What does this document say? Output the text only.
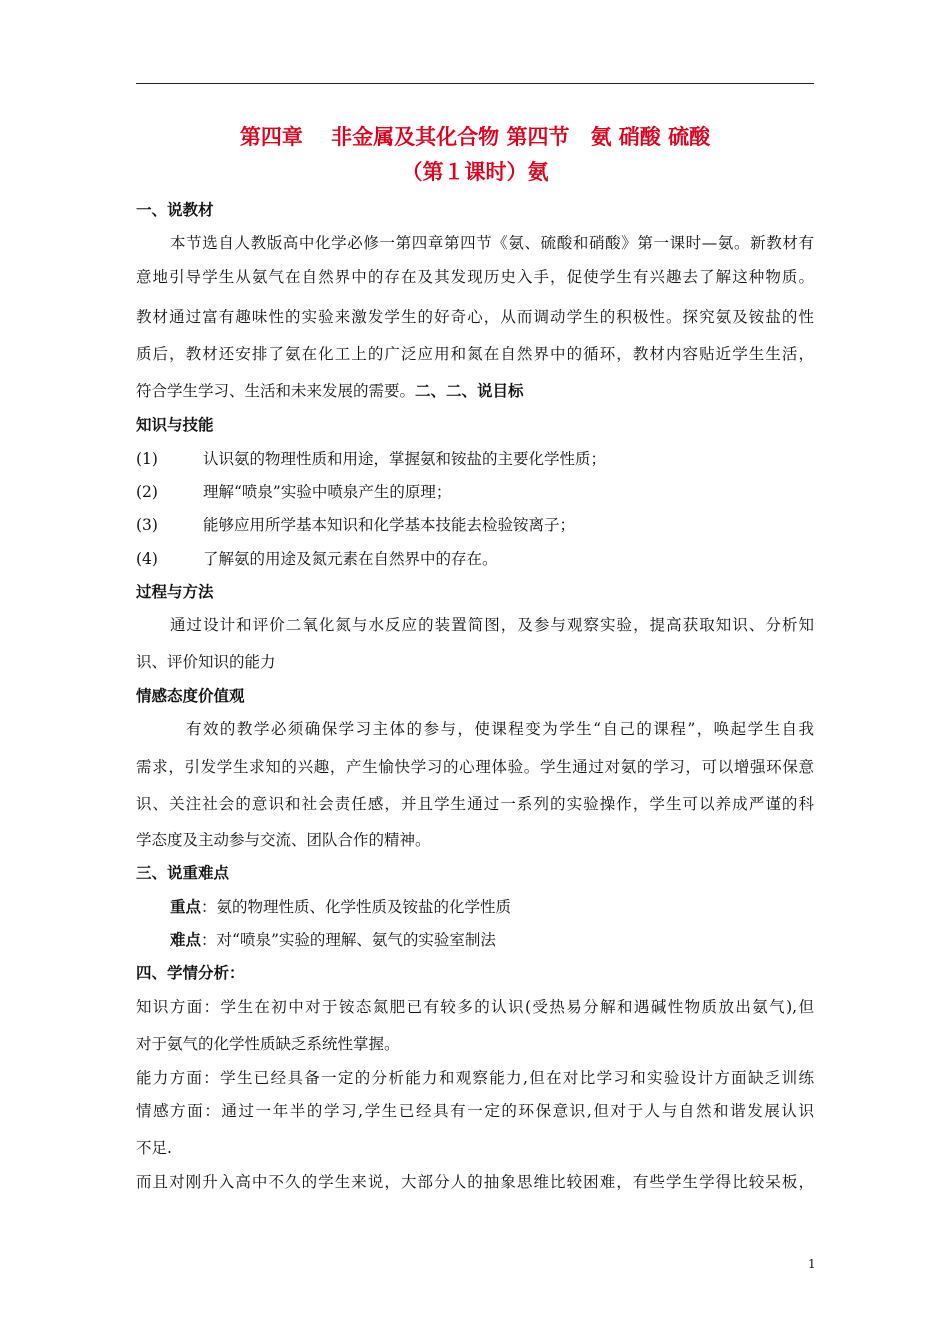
第四章　 非金属及其化合物 第四节　氨 硝酸 硫酸
（第１课时）氨
一、说教材
本节选自人教版高中化学必修一第四章第四节《氨、硫酸和硝酸》第一课时—氨。新教材有
意地引导学生从氨气在自然界中的存在及其发现历史入手，促使学生有兴趣去了解这种物质。
教材通过富有趣味性的实验来激发学生的好奇心，从而调动学生的积极性。探究氨及铵盐的性
质后，教材还安排了氨在化工上的广泛应用和氮在自然界中的循环，教材内容贴近学生生活，
符合学生学习、生活和未来发展的需要。二、二、说目标
知识与技能
(1)	认识氨的物理性质和用途，掌握氨和铵盐的主要化学性质；
(2)	理解“喷泉”实验中喷泉产生的原理；
(3)	能够应用所学基本知识和化学基本技能去检验铵离子；
(4)	了解氨的用途及氮元素在自然界中的存在。
过程与方法
通过设计和评价二氧化氮与水反应的装置简图，及参与观察实验，提高获取知识、分析知
识、评价知识的能力
情感态度价值观
有效的教学必须确保学习主体的参与，使课程变为学生“自己的课程”，唤起学生自我
需求，引发学生求知的兴趣，产生愉快学习的心理体验。学生通过对氨的学习，可以增强环保意
识、关注社会的意识和社会责任感，并且学生通过一系列的实验操作，学生可以养成严谨的科
学态度及主动参与交流、团队合作的精神。
三、说重难点
重点：氨的物理性质、化学性质及铵盐的化学性质
难点：对“喷泉”实验的理解、氨气的实验室制法
四、学情分析：
知识方面：学生在初中对于铵态氮肥已有较多的认识(受热易分解和遇碱性物质放出氨气),但
对于氨气的化学性质缺乏系统性掌握。
能力方面：学生已经具备一定的分析能力和观察能力,但在对比学习和实验设计方面缺乏训练
情感方面：通过一年半的学习,学生已经具有一定的环保意识,但对于人与自然和谐发展认识
不足.
而且对刚升入高中不久的学生来说，大部分人的抽象思维比较困难，有些学生学得比较呆板，
1
